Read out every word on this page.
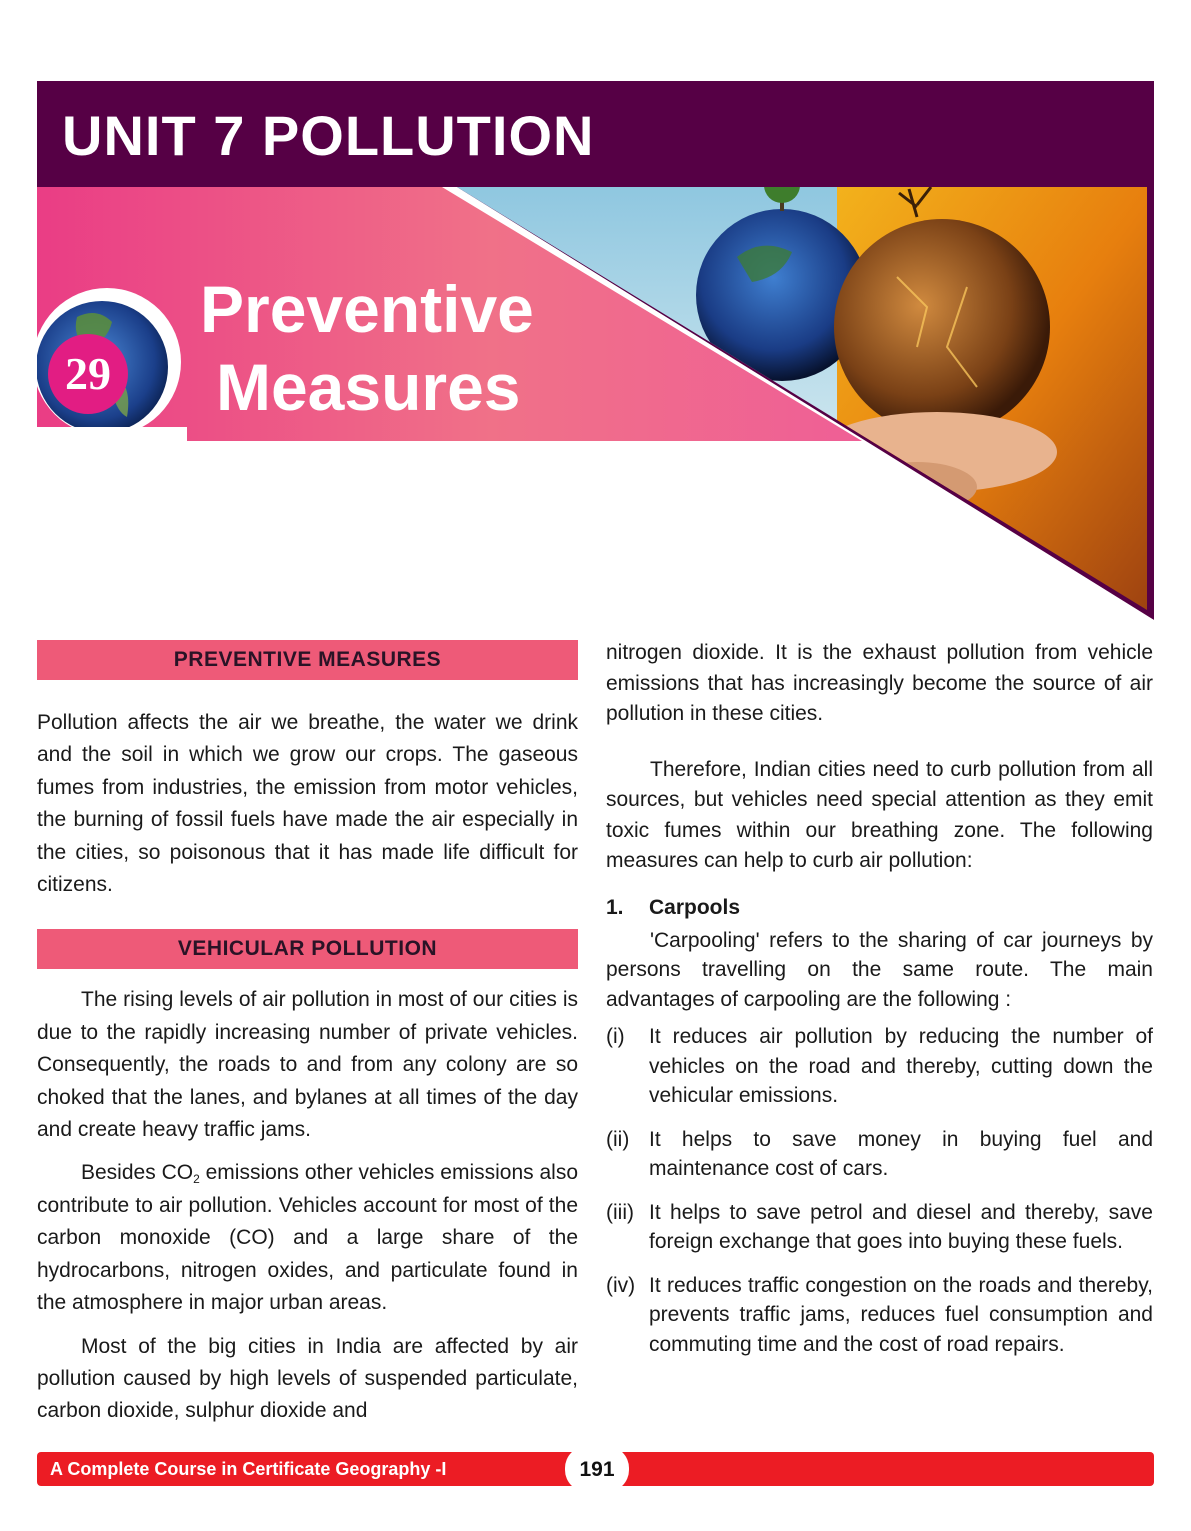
UNIT 7 POLLUTION
29
Preventive

Measures
PREVENTIVE MEASURES

Pollution affects the air we breathe, the water we drink and the soil in which we grow our crops. The gaseous fumes from industries, the emission from motor vehicles, the burning of fossil fuels have made the air especially in the cities, so poisonous that it has made life difficult for citizens.

VEHICULAR POLLUTION

The rising levels of air pollution in most of our cities is due to the rapidly increasing number of private vehicles. Consequently, the roads to and from any colony are so choked that the lanes, and bylanes at all times of the day and create heavy traffic jams.

Besides $CO_2$ emissions other vehicles emissions also contribute to air pollution. Vehicles account for most of the carbon monoxide (CO) and a large share of the hydrocarbons, nitrogen oxides, and particulate found in the atmosphere in major urban areas.

Most of the big cities in India are affected by air pollution caused by high levels of suspended particulate, carbon dioxide, sulphur dioxide and

nitrogen dioxide. It is the exhaust pollution from vehicle emissions that has increasingly become the source of air pollution in these cities.

Therefore, Indian cities need to curb pollution from all sources, but vehicles need special attention as they emit toxic fumes within our breathing zone. The following measures can help to curb air pollution:

1. Carpools

'Carpooling' refers to the sharing of car journeys by persons travelling on the same route. The main advantages of carpooling are the following :

(i) It reduces air pollution by reducing the number of vehicles on the road and thereby, cutting down the vehicular emissions.

(ii) It helps to save money in buying fuel and maintenance cost of cars.

(iii) It helps to save petrol and diesel and thereby, save foreign exchange that goes into buying these fuels.

(iv) It reduces traffic congestion on the roads and thereby, prevents traffic jams, reduces fuel consumption and commuting time and the cost of road repairs.

A Complete Course in Certificate Geography -I	191
